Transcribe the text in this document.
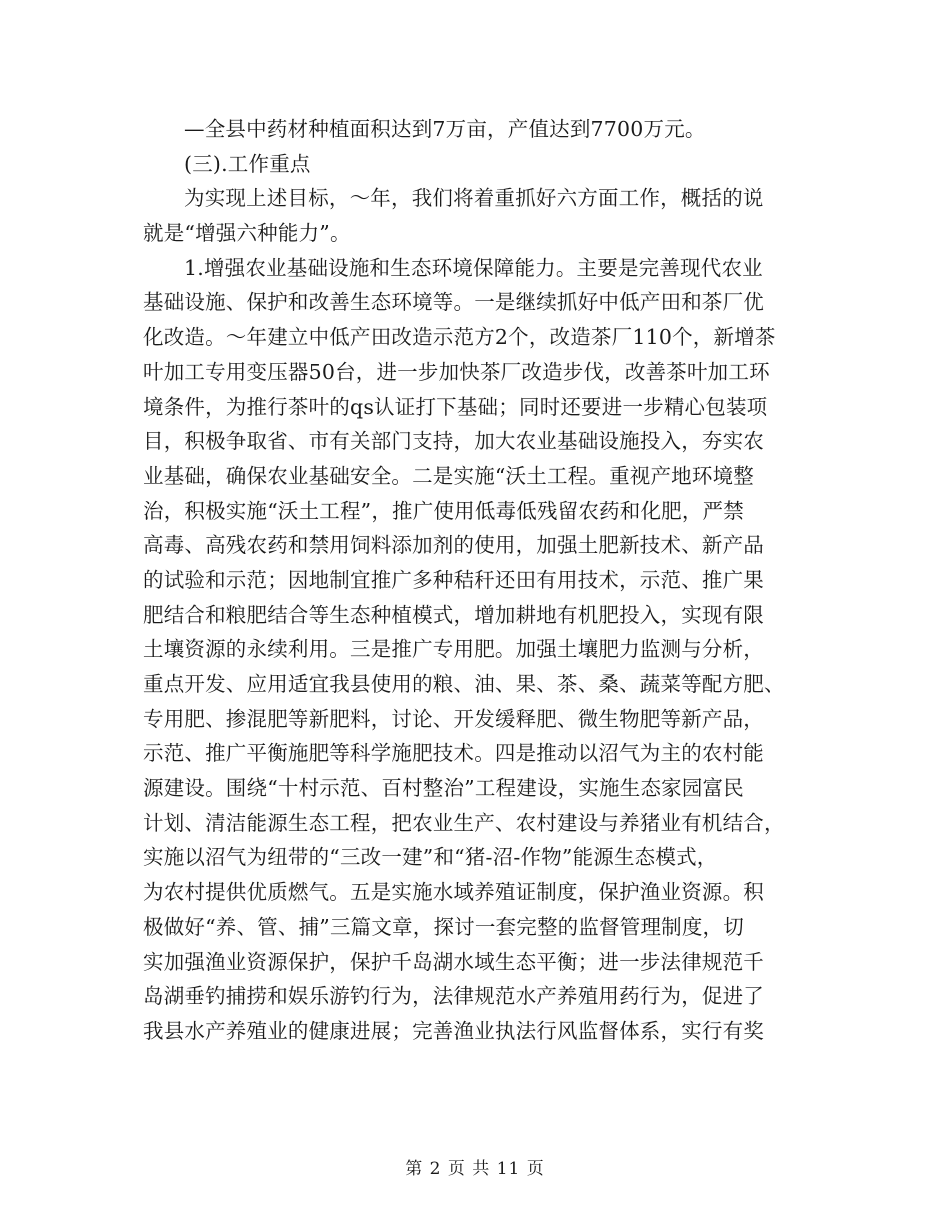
—全县中药材种植面积达到7万亩，产值达到7700万元。
(三).工作重点
为实现上述目标，～年，我们将着重抓好六方面工作，概括的说
就是“增强六种能力”。
1.增强农业基础设施和生态环境保障能力。主要是完善现代农业
基础设施、保护和改善生态环境等。一是继续抓好中低产田和茶厂优
化改造。～年建立中低产田改造示范方2个，改造茶厂110个，新增茶
叶加工专用变压器50台，进一步加快茶厂改造步伐，改善茶叶加工环
境条件，为推行茶叶的qs认证打下基础；同时还要进一步精心包装项
目，积极争取省、市有关部门支持，加大农业基础设施投入，夯实农
业基础，确保农业基础安全。二是实施“沃土工程。重视产地环境整
治，积极实施“沃土工程”，推广使用低毒低残留农药和化肥，严禁
高毒、高残农药和禁用饲料添加剂的使用，加强土肥新技术、新产品
的试验和示范；因地制宜推广多种秸秆还田有用技术，示范、推广果
肥结合和粮肥结合等生态种植模式，增加耕地有机肥投入，实现有限
土壤资源的永续利用。三是推广专用肥。加强土壤肥力监测与分析，
重点开发、应用适宜我县使用的粮、油、果、茶、桑、蔬菜等配方肥、
专用肥、掺混肥等新肥料，讨论、开发缓释肥、微生物肥等新产品，
示范、推广平衡施肥等科学施肥技术。四是推动以沼气为主的农村能
源建设。围绕“十村示范、百村整治”工程建设，实施生态家园富民
计划、清洁能源生态工程，把农业生产、农村建设与养猪业有机结合，
实施以沼气为纽带的“三改一建”和“猪-沼-作物”能源生态模式，
为农村提供优质燃气。五是实施水域养殖证制度，保护渔业资源。积
极做好“养、管、捕”三篇文章，探讨一套完整的监督管理制度，切
实加强渔业资源保护，保护千岛湖水域生态平衡；进一步法律规范千
岛湖垂钓捕捞和娱乐游钓行为，法律规范水产养殖用药行为，促进了
我县水产养殖业的健康进展；完善渔业执法行风监督体系，实行有奖
第 2 页 共 11 页
